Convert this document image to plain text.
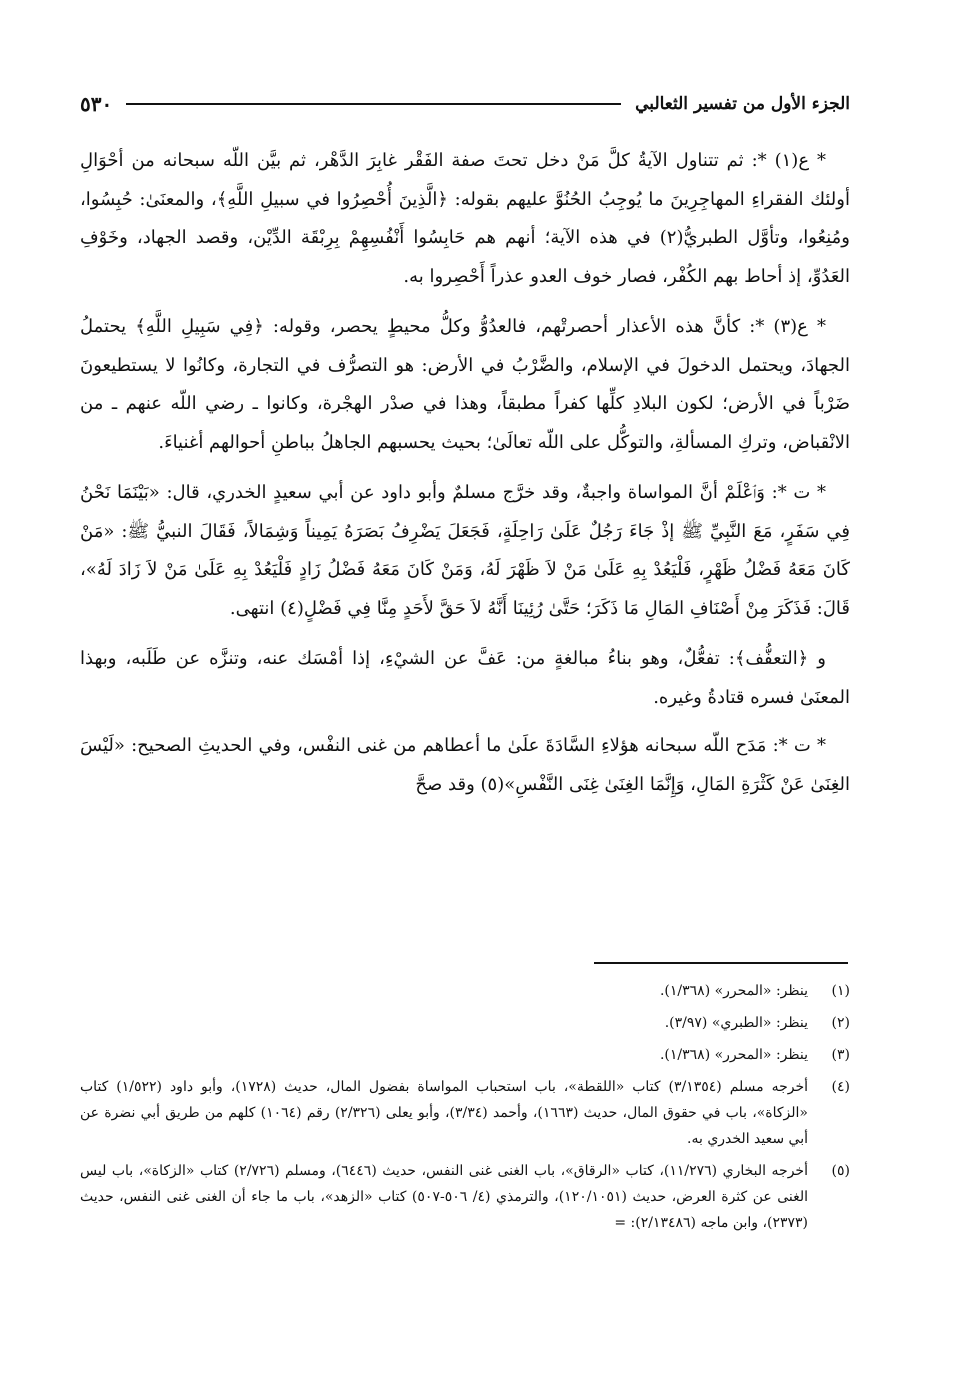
الجزء الأول من تفسير الثعالبي
٥٣٠

* ع(١) *: ثم تتناول الآيةُ كلَّ مَنْ دخل تحتَ صفة الفَقْر غابِرَ الدَّهْر، ثم بيَّن اللّه سبحانه من أحْوَالِ أولئك الفقراءِ المهاجِرِينَ ما يُوجِبُ الحُنُوَّ عليهم بقوله: ﴿الَّذِينَ أُحْصِرُوا في سبيلِ اللَّهِ﴾، والمعنَىٰ: حُبِسُوا، ومُنِعُوا، وتأوَّل الطبريُّ(٢) في هذه الآية؛ أنهم هم حَابِسُوا أَنْفُسِهِمْ بِرِبْقَة الدِّيْن، وقصد الجهاد، وخَوْفِ العَدُوِّ، إذ أحاط بهم الكُفْر، فصار خوف العدو عذراً أَحْصِروا به.

* ع(٣) *: كأنَّ هذه الأعذار أحصرتْهم، فالعدُوُّ وكلُّ محيطٍ يحصر، وقوله: ﴿فِي سَبِيلِ اللَّهِ﴾ يحتملُ الجهادَ، ويحتمل الدخولَ في الإسلام، والضَّرْبُ في الأرض: هو التصرُّف في التجارة، وكانُوا لا يستطيعونَ ضَرْباً في الأرض؛ لكون البلادِ كلِّها كفراً مطبقاً، وهذا في صدْر الهجْرة، وكانوا ـ رضي اللّه عنهم ـ من الانْقباض، وتركِ المسألةِ، والتوكُّل على اللّه تعالَىٰ؛ بحيث يحسبهم الجاهلُ بباطنِ أحوالهم أغنياءَ.

* ت *: وَٱعْلَمْ أنَّ المواساة واجبةٌ، وقد خرَّج مسلمٌ وأبو داود عن أبي سعيدٍ الخدري، قال: «بَيْنَمَا نَحْنُ فِي سَفَرٍ، مَعَ النَّبِيِّ ﷺ إذْ جَاءَ رَجُلٌ عَلَىٰ رَاحِلَةٍ، فَجَعَلَ يَضْرِفُ بَصَرَهُ يَمِيناً وَشِمَالاً، فَقَالَ النبيُّ ﷺ: «مَنْ كَانَ مَعَهُ فَضْلُ ظَهْرٍ، فَلْيَعُدْ بِهِ عَلَىٰ مَنْ لاَ ظَهْرَ لَهُ، وَمَنْ كَانَ مَعَهُ فَضْلُ زَادٍ فَلْيَعُدْ بِهِ عَلَىٰ مَنْ لاَ زَادَ لَهُ»، قَالَ: فَذَكَرَ مِنْ أَصْنَافِ المَالِ مَا ذَكَرَ؛ حَتَّىٰ رُئِينَا أَنَّهُ لاَ حَقَّ لأَحَدٍ مِنَّا فِي فَضْلٍ(٤) انتهى.

و ﴿التعفُّف﴾: تفعُّلٌ، وهو بناءُ مبالغةٍ من: عَفَّ عن الشيْءِ، إذا أمْسَك عنه، وتنزَّه عن طَلَبه، وبهذا المعنَىٰ فسره قتادةُ وغيره.

* ت *: مَدَح اللّه سبحانه هؤلاءِ السَّادَةَ علَىٰ ما أعطاهم من غنى النفْس، وفي الحديثِ الصحيح: «لَيْسَ الغِنَىٰ عَنْ كَثْرَةِ المَالِ، وَإِنَّمَا الغِنَىٰ غِنَى النَّفْسِ»(٥) وقد صحَّ

(١)
ينظر: «المحرر» (١/٣٦٨).
(٢)
ينظر: «الطبري» (٣/٩٧).
(٣)
ينظر: «المحرر» (١/٣٦٨).
(٤)
أخرجه مسلم (٣/١٣٥٤) كتاب «اللقطة»، باب استحباب المواساة بفضول المال، حديث (١٧٢٨)، وأبو داود (١/٥٢٢) كتاب «الزكاة»، باب في حقوق المال، حديث (١٦٦٣)، وأحمد (٣/٣٤)، وأبو يعلى (٢/٣٢٦) رقم (١٠٦٤) كلهم من طريق أبي نضرة عن أبي سعيد الخدري به.
(٥)
أخرجه البخاري (١١/٢٧٦)، كتاب «الرقاق»، باب الغنى غنى النفس، حديث (٦٤٤٦)، ومسلم (٢/٧٢٦) كتاب «الزكاة»، باب ليس الغنى عن كثرة العرض، حديث (١٢٠/١٠٥١)، والترمذي (٤/ ٥٠٦-٥٠٧) كتاب «الزهد»، باب ما جاء أن الغنى غنى النفس، حديث (٢٣٧٣)، وابن ماجه (٢/١٣٤٨٦): =
